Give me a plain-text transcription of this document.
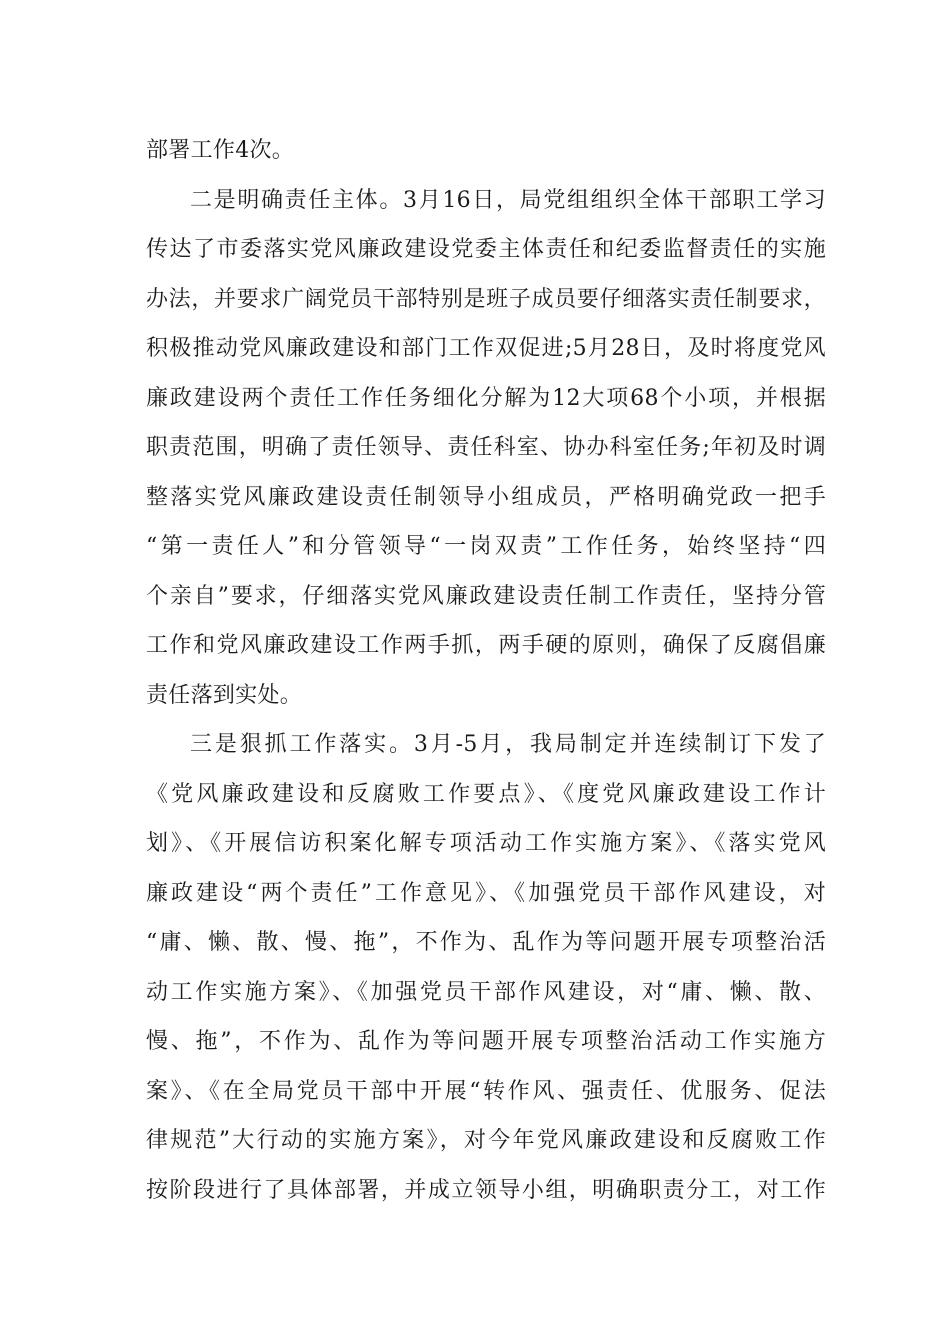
部署工作4次。
二是明确责任主体。3月16日，局党组组织全体干部职工学习
传达了市委落实党风廉政建设党委主体责任和纪委监督责任的实施
办法，并要求广阔党员干部特别是班子成员要仔细落实责任制要求，
积极推动党风廉政建设和部门工作双促进;5月28日，及时将度党风
廉政建设两个责任工作任务细化分解为12大项68个小项，并根据
职责范围，明确了责任领导、责任科室、协办科室任务;年初及时调
整落实党风廉政建设责任制领导小组成员，严格明确党政一把手
“第一责任人”和分管领导“一岗双责”工作任务，始终坚持“四
个亲自”要求，仔细落实党风廉政建设责任制工作责任，坚持分管
工作和党风廉政建设工作两手抓，两手硬的原则，确保了反腐倡廉
责任落到实处。
三是狠抓工作落实。3月-5月，我局制定并连续制订下发了
《党风廉政建设和反腐败工作要点》、《度党风廉政建设工作计
划》、《开展信访积案化解专项活动工作实施方案》、《落实党风
廉政建设“两个责任”工作意见》、《加强党员干部作风建设，对
“庸、懒、散、慢、拖”，不作为、乱作为等问题开展专项整治活
动工作实施方案》、《加强党员干部作风建设，对“庸、懒、散、
慢、拖”，不作为、乱作为等问题开展专项整治活动工作实施方
案》、《在全局党员干部中开展“转作风、强责任、优服务、促法
律规范”大行动的实施方案》，对今年党风廉政建设和反腐败工作
按阶段进行了具体部署，并成立领导小组，明确职责分工，对工作
